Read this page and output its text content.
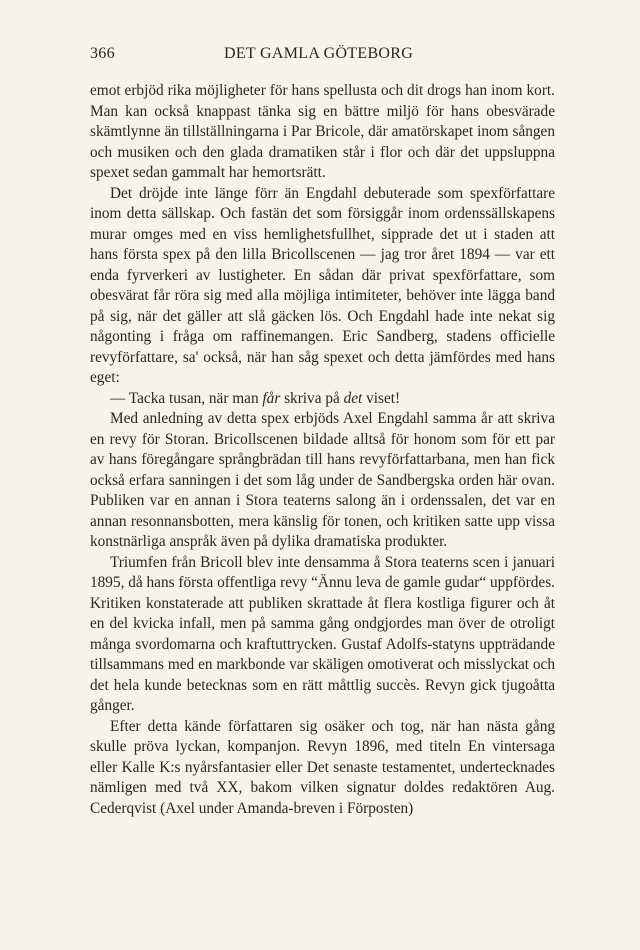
366	DET GAMLA GÖTEBORG

emot erbjöd rika möjligheter för hans spellusta och dit drogs han inom kort. Man kan också knappast tänka sig en bättre miljö för hans obesvärade skämtlynne än tillställningarna i Par Bricole, där amatörskapet inom sången och musiken och den glada dramatiken står i flor och där det uppsluppna spexet sedan gammalt har hemortsrätt.

Det dröjde inte länge förr än Engdahl debuterade som spexförfattare inom detta sällskap. Och fastän det som försiggår inom ordenssällskapens murar omges med en viss hemlighetsfullhet, sipprade det ut i staden att hans första spex på den lilla Bricollscenen — jag tror året 1894 — var ett enda fyrverkeri av lustigheter. En sådan där privat spexförfattare, som obesvärat får röra sig med alla möjliga intimiteter, behöver inte lägga band på sig, när det gäller att slå gäcken lös. Och Engdahl hade inte nekat sig någonting i fråga om raffinemangen. Eric Sandberg, stadens officielle revyförfattare, sa' också, när han såg spexet och detta jämfördes med hans eget:

— Tacka tusan, när man får skriva på det viset!

Med anledning av detta spex erbjöds Axel Engdahl samma år att skriva en revy för Storan. Bricollscenen bildade alltså för honom som för ett par av hans föregångare språngbrädan till hans revyförfattarbana, men han fick också erfara sanningen i det som låg under de Sandbergska orden här ovan. Publiken var en annan i Stora teaterns salong än i ordenssalen, det var en annan resonnansbotten, mera känslig för tonen, och kritiken satte upp vissa konstnärliga anspråk även på dylika dramatiska produkter.

Triumfen från Bricoll blev inte densamma å Stora teaterns scen i januari 1895, då hans första offentliga revy “Ännu leva de gamle gudar“ uppfördes. Kritiken konstaterade att publiken skrattade åt flera kostliga figurer och åt en del kvicka infall, men på samma gång ondgjordes man över de otroligt många svordomarna och kraftuttrycken. Gustaf Adolfs-statyns uppträdande tillsammans med en markbonde var skäligen omotiverat och misslyckat och det hela kunde betecknas som en rätt måttlig succès. Revyn gick tjugoåtta gånger.

Efter detta kände författaren sig osäker och tog, när han nästa gång skulle pröva lyckan, kompanjon. Revyn 1896, med titeln En vintersaga eller Kalle K:s nyårsfantasier eller Det senaste testamentet, undertecknades nämligen med två XX, bakom vilken signatur doldes redaktören Aug. Cederqvist (Axel under Amanda-breven i Förposten)
